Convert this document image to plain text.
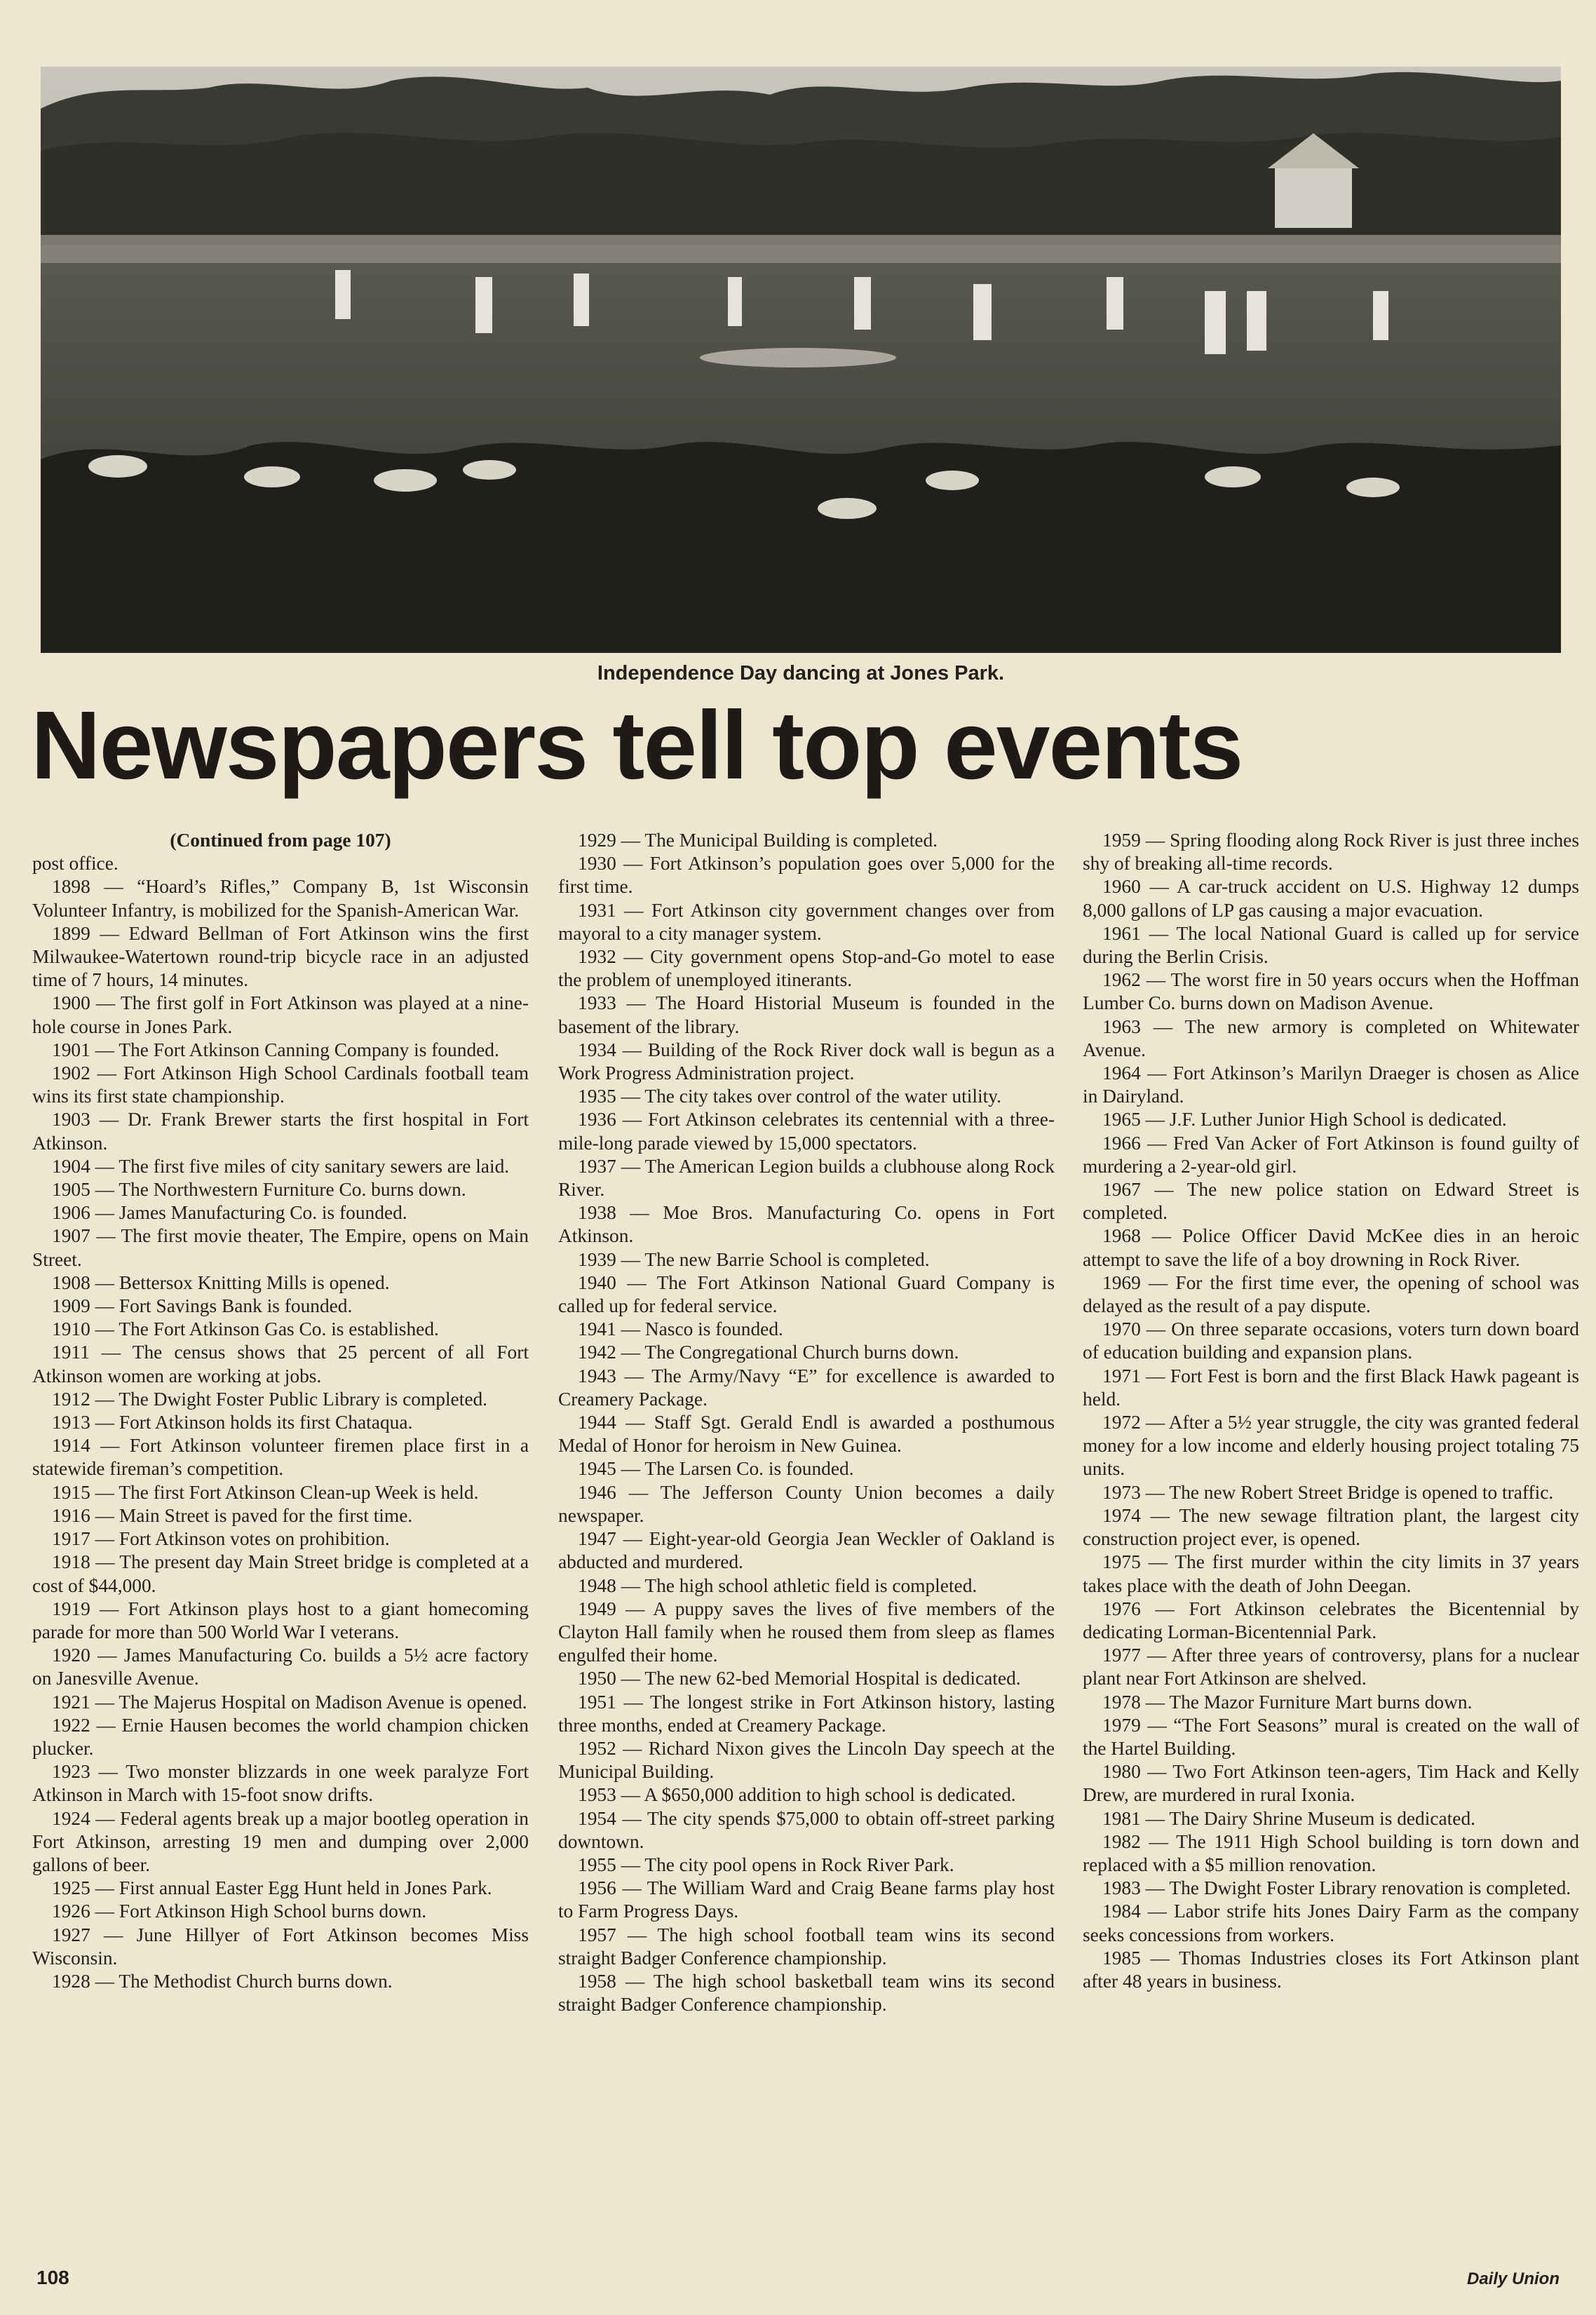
Independence Day dancing at Jones Park.
Newspapers tell top events
(Continued from page 107)
post office.
1898 — “Hoard’s Rifles,” Company B, 1st Wisconsin Volunteer Infantry, is mobilized for the Spanish-American War.
1899 — Edward Bellman of Fort Atkinson wins the first Milwaukee-Watertown round-trip bicycle race in an adjusted time of 7 hours, 14 minutes.
1900 — The first golf in Fort Atkinson was played at a nine-hole course in Jones Park.
1901 — The Fort Atkinson Canning Company is founded.
1902 — Fort Atkinson High School Cardinals football team wins its first state championship.
1903 — Dr. Frank Brewer starts the first hospital in Fort Atkinson.
1904 — The first five miles of city sanitary sewers are laid.
1905 — The Northwestern Furniture Co. burns down.
1906 — James Manufacturing Co. is founded.
1907 — The first movie theater, The Empire, opens on Main Street.
1908 — Bettersox Knitting Mills is opened.
1909 — Fort Savings Bank is founded.
1910 — The Fort Atkinson Gas Co. is established.
1911 — The census shows that 25 percent of all Fort Atkinson women are working at jobs.
1912 — The Dwight Foster Public Library is completed.
1913 — Fort Atkinson holds its first Chataqua.
1914 — Fort Atkinson volunteer firemen place first in a statewide fireman’s competition.
1915 — The first Fort Atkinson Clean-up Week is held.
1916 — Main Street is paved for the first time.
1917 — Fort Atkinson votes on prohibition.
1918 — The present day Main Street bridge is completed at a cost of $44,000.
1919 — Fort Atkinson plays host to a giant homecoming parade for more than 500 World War I veterans.
1920 — James Manufacturing Co. builds a 5½ acre factory on Janesville Avenue.
1921 — The Majerus Hospital on Madison Avenue is opened.
1922 — Ernie Hausen becomes the world champion chicken plucker.
1923 — Two monster blizzards in one week paralyze Fort Atkinson in March with 15-foot snow drifts.
1924 — Federal agents break up a major bootleg operation in Fort Atkinson, arresting 19 men and dumping over 2,000 gallons of beer.
1925 — First annual Easter Egg Hunt held in Jones Park.
1926 — Fort Atkinson High School burns down.
1927 — June Hillyer of Fort Atkinson becomes Miss Wisconsin.
1928 — The Methodist Church burns down.
1929 — The Municipal Building is completed.
1930 — Fort Atkinson’s population goes over 5,000 for the first time.
1931 — Fort Atkinson city government changes over from mayoral to a city manager system.
1932 — City government opens Stop-and-Go motel to ease the problem of unemployed itinerants.
1933 — The Hoard Historial Museum is founded in the basement of the library.
1934 — Building of the Rock River dock wall is begun as a Work Progress Administration project.
1935 — The city takes over control of the water utility.
1936 — Fort Atkinson celebrates its centennial with a three-mile-long parade viewed by 15,000 spectators.
1937 — The American Legion builds a clubhouse along Rock River.
1938 — Moe Bros. Manufacturing Co. opens in Fort Atkinson.
1939 — The new Barrie School is completed.
1940 — The Fort Atkinson National Guard Company is called up for federal service.
1941 — Nasco is founded.
1942 — The Congregational Church burns down.
1943 — The Army/Navy “E” for excellence is awarded to Creamery Package.
1944 — Staff Sgt. Gerald Endl is awarded a posthumous Medal of Honor for heroism in New Guinea.
1945 — The Larsen Co. is founded.
1946 — The Jefferson County Union becomes a daily newspaper.
1947 — Eight-year-old Georgia Jean Weckler of Oakland is abducted and murdered.
1948 — The high school athletic field is completed.
1949 — A puppy saves the lives of five members of the Clayton Hall family when he roused them from sleep as flames engulfed their home.
1950 — The new 62-bed Memorial Hospital is dedicated.
1951 — The longest strike in Fort Atkinson history, lasting three months, ended at Creamery Package.
1952 — Richard Nixon gives the Lincoln Day speech at the Municipal Building.
1953 — A $650,000 addition to high school is dedicated.
1954 — The city spends $75,000 to obtain off-street parking downtown.
1955 — The city pool opens in Rock River Park.
1956 — The William Ward and Craig Beane farms play host to Farm Progress Days.
1957 — The high school football team wins its second straight Badger Conference championship.
1958 — The high school basketball team wins its second straight Badger Conference championship.
1959 — Spring flooding along Rock River is just three inches shy of breaking all-time records.
1960 — A car-truck accident on U.S. Highway 12 dumps 8,000 gallons of LP gas causing a major evacuation.
1961 — The local National Guard is called up for service during the Berlin Crisis.
1962 — The worst fire in 50 years occurs when the Hoffman Lumber Co. burns down on Madison Avenue.
1963 — The new armory is completed on Whitewater Avenue.
1964 — Fort Atkinson’s Marilyn Draeger is chosen as Alice in Dairyland.
1965 — J.F. Luther Junior High School is dedicated.
1966 — Fred Van Acker of Fort Atkinson is found guilty of murdering a 2-year-old girl.
1967 — The new police station on Edward Street is completed.
1968 — Police Officer David McKee dies in an heroic attempt to save the life of a boy drowning in Rock River.
1969 — For the first time ever, the opening of school was delayed as the result of a pay dispute.
1970 — On three separate occasions, voters turn down board of education building and expansion plans.
1971 — Fort Fest is born and the first Black Hawk pageant is held.
1972 — After a 5½ year struggle, the city was granted federal money for a low income and elderly housing project totaling 75 units.
1973 — The new Robert Street Bridge is opened to traffic.
1974 — The new sewage filtration plant, the largest city construction project ever, is opened.
1975 — The first murder within the city limits in 37 years takes place with the death of John Deegan.
1976 — Fort Atkinson celebrates the Bicentennial by dedicating Lorman-Bicentennial Park.
1977 — After three years of controversy, plans for a nuclear plant near Fort Atkinson are shelved.
1978 — The Mazor Furniture Mart burns down.
1979 — “The Fort Seasons” mural is created on the wall of the Hartel Building.
1980 — Two Fort Atkinson teen-agers, Tim Hack and Kelly Drew, are murdered in rural Ixonia.
1981 — The Dairy Shrine Museum is dedicated.
1982 — The 1911 High School building is torn down and replaced with a $5 million renovation.
1983 — The Dwight Foster Library renovation is completed.
1984 — Labor strife hits Jones Dairy Farm as the company seeks concessions from workers.
1985 — Thomas Industries closes its Fort Atkinson plant after 48 years in business.
108	Daily Union
